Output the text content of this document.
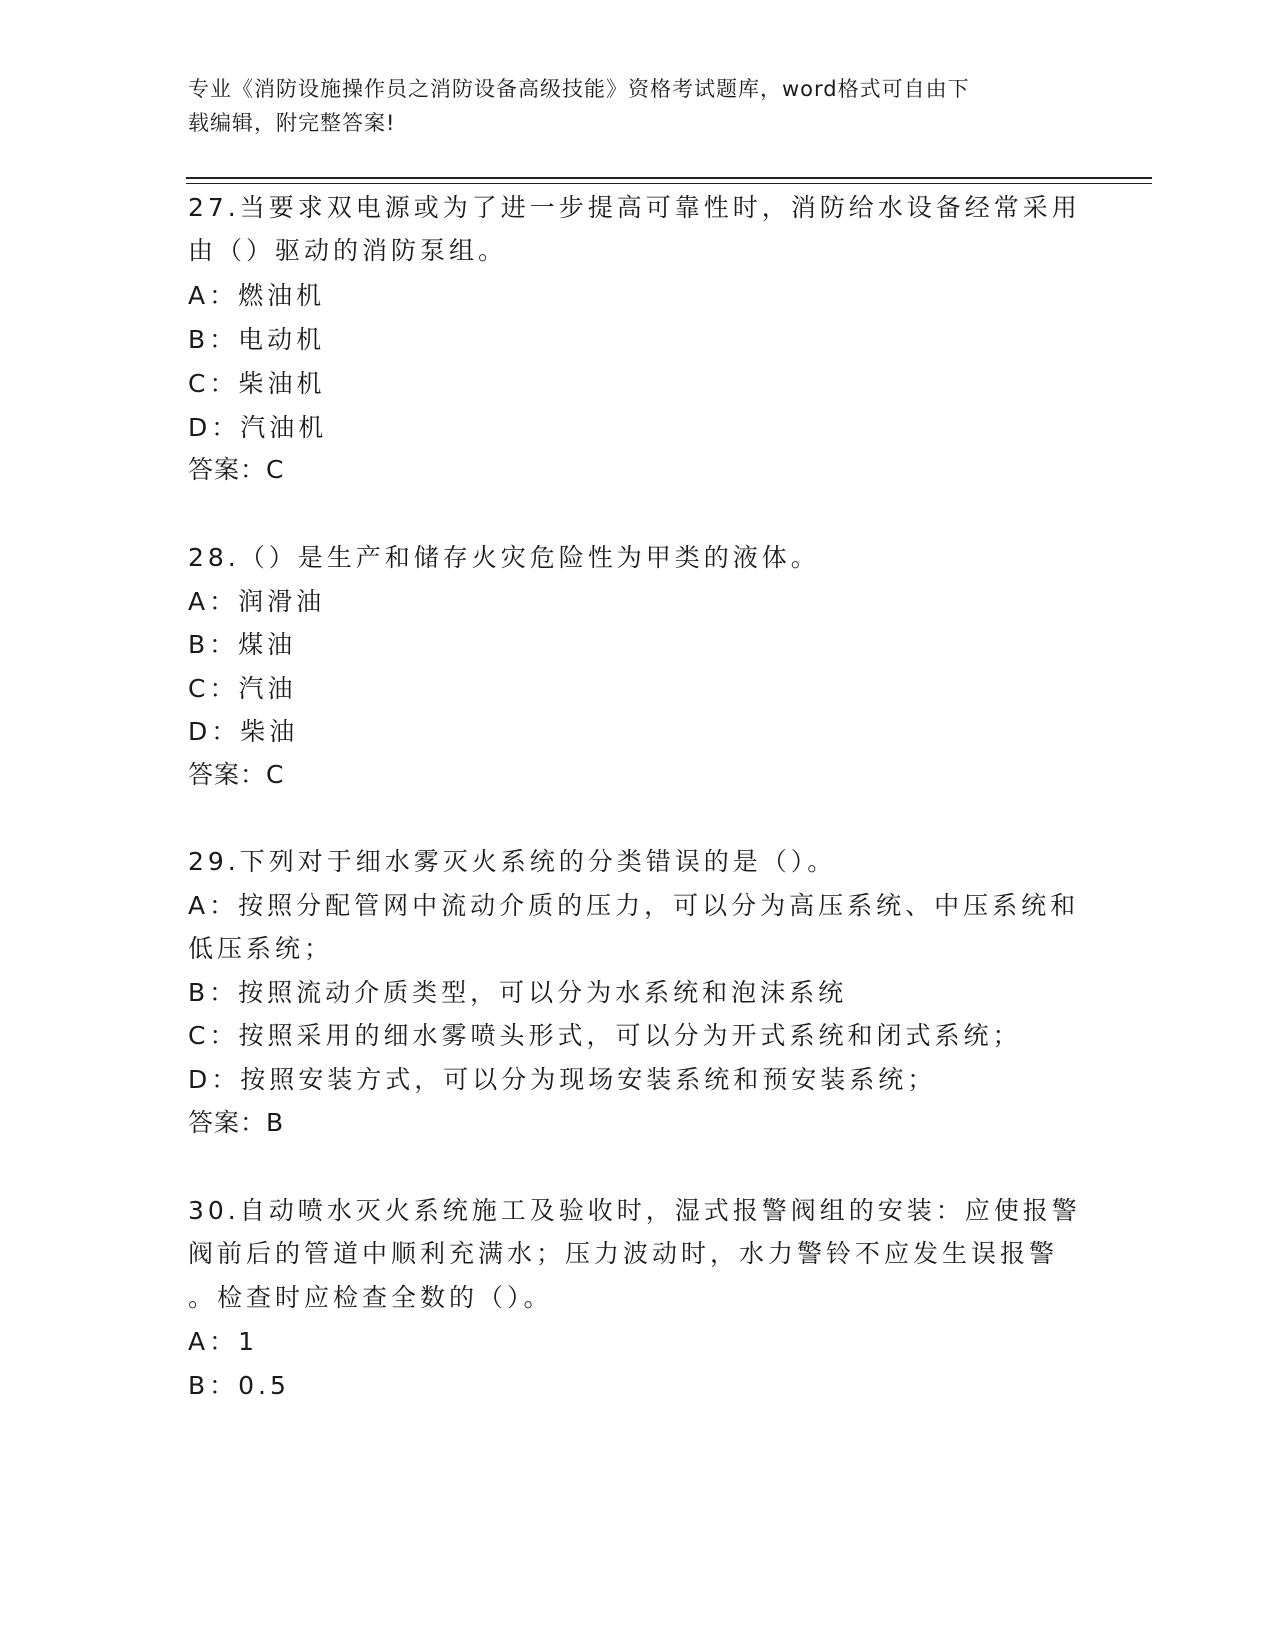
专业《消防设施操作员之消防设备高级技能》资格考试题库，word格式可自由下
载编辑，附完整答案!
27.当要求双电源或为了进一步提高可靠性时，消防给水设备经常采用
由（）驱动的消防泵组。
A：燃油机
B：电动机
C：柴油机
D：汽油机
答案：C
28.（）是生产和储存火灾危险性为甲类的液体。
A：润滑油
B：煤油
C：汽油
D：柴油
答案：C
29.下列对于细水雾灭火系统的分类错误的是（）。
A：按照分配管网中流动介质的压力，可以分为高压系统、中压系统和
低压系统；
B：按照流动介质类型，可以分为水系统和泡沫系统
C：按照采用的细水雾喷头形式，可以分为开式系统和闭式系统；
D：按照安装方式，可以分为现场安装系统和预安装系统；
答案：B
30.自动喷水灭火系统施工及验收时，湿式报警阀组的安装：应使报警
阀前后的管道中顺利充满水；压力波动时，水力警铃不应发生误报警
。检查时应检查全数的（）。
A：1
B：0.5
